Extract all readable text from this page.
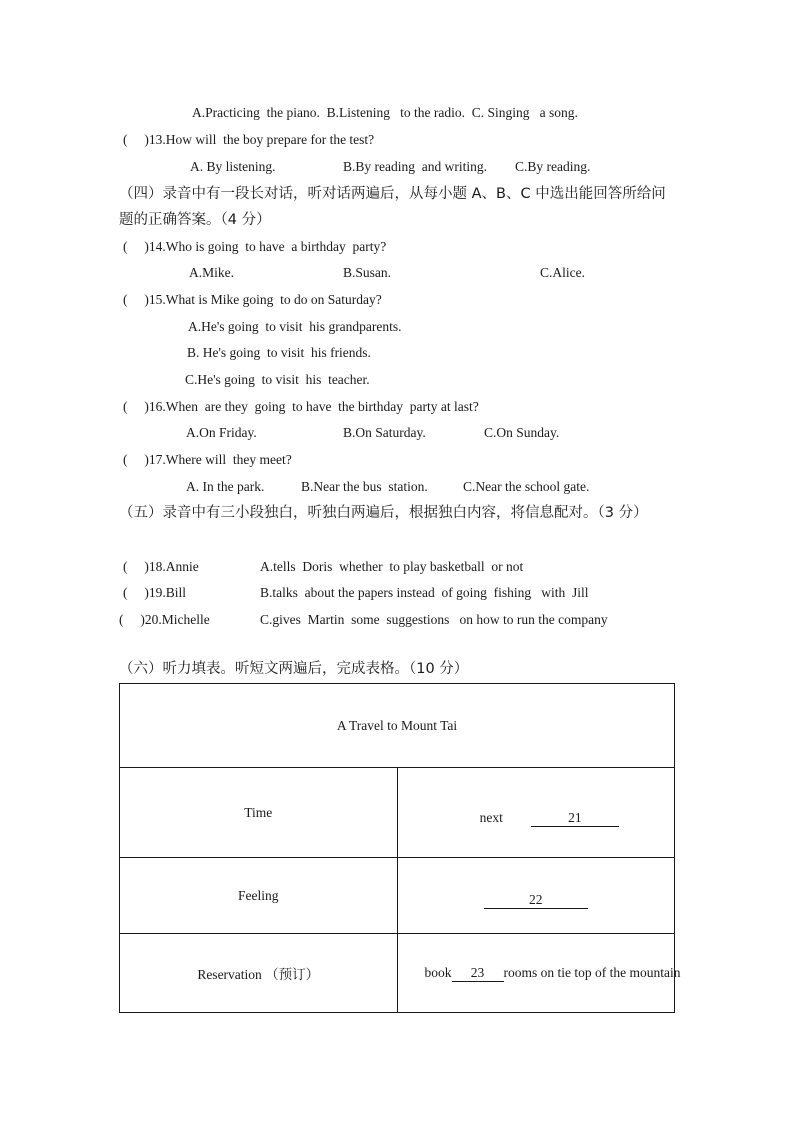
A.Practicing  the piano.  B.Listening   to the radio.  C. Singing   a song.
(     )13.How will  the boy prepare for the test?
A. By listening.	B.By reading  and writing. C.By reading.
（四）录音中有一段长对话，听对话两遍后，从每小题 A、B、C 中选出能回答所给问题的正确答案。（4 分）
(     )14.Who is going  to have  a birthday  party?
A.Mike.	B.Susan.	C.Alice.
(     )15.What is Mike going  to do on Saturday?
A.He's going  to visit  his grandparents.
B. He's going  to visit  his friends.
C.He's going  to visit  his  teacher.
(     )16.When  are they  going  to have  the birthday  party at last?
A.On Friday.	B.On Saturday.	C.On Sunday.
(     )17.Where will  they meet?
A. In the park.	B.Near the bus  station.	C.Near the school gate.
（五）录音中有三小段独白，听独白两遍后，根据独白内容，将信息配对。（3 分）
(     )18.Annie	A.tells  Doris  whether  to play basketball  or not
(     )19.Bill	B.talks  about the papers instead  of going  fishing   with  Jill
(     )20.Michelle	C.gives  Martin  some  suggestions   on how to run the company
（六）听力填表。听短文两遍后，完成表格。（10 分）
A Travel to Mount Tai	
Time	next 21

Feeling	22

Reservation （预订）	book 23 rooms on tie top of the mountain
